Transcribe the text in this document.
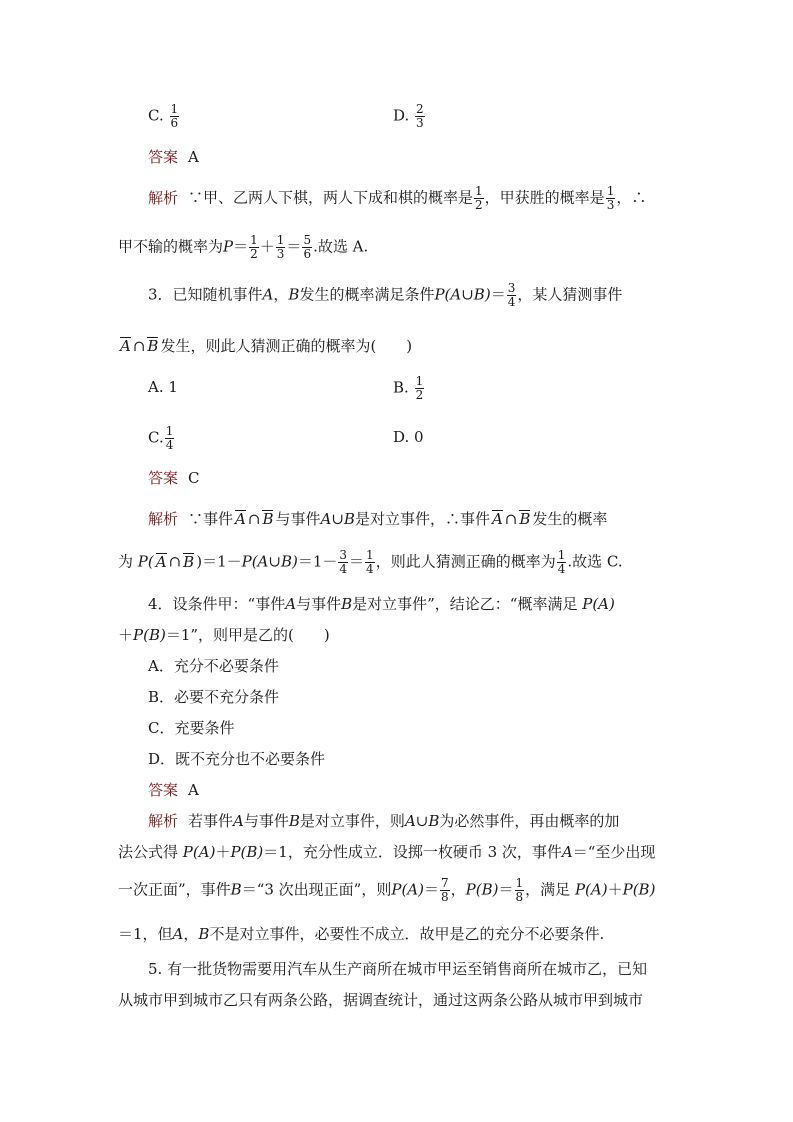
C. $\frac{1}{6}$	D. $\frac{2}{3}$
答案 A
解析 ∵甲、乙两人下棋，两人下成和棋的概率是 $\frac{1}{2}$ ，甲获胜的概率是 $\frac{1}{3}$ ，∴
甲不输的概率为$P= \frac{1}{2} + \frac{1}{3} = \frac{5}{6}$ .故选 A.
3．已知随机事件A，B发生的概率满足条件P(A∪B)＝ $\frac{3}{4}$ ，某人猜测事件
A ∩ B 发生，则此人猜测正确的概率为(　　)
A. 1	B. $\frac{1}{2}$
C. $\frac{1}{4}$	D. 0
答案 C
解析 ∵事件 A ∩ B 与事件A∪B是对立事件，∴事件 A ∩ B 发生的概率
为 P( A ∩ B )＝1－P(A∪B)＝1－ $\frac{3}{4} = \frac{1}{4}$ ，则此人猜测正确的概率为 $\frac{1}{4}$ .故选 C.
4．设条件甲：“事件A与事件B是对立事件”，结论乙：“概率满足 P(A)
＋P(B)＝1”，则甲是乙的(　　)
A．充分不必要条件
B．必要不充分条件
C．充要条件
D．既不充分也不必要条件
答案 A
解析 若事件A与事件B是对立事件，则A∪B为必然事件，再由概率的加
法公式得 P(A)＋P(B)＝1，充分性成立．设掷一枚硬币 3 次，事件A＝“至少出现
一次正面”，事件B＝“3 次出现正面”，则$P(A)= \frac{7}{8}$ ，$P(B)= \frac{1}{8}$ ，满足 P(A)＋P(B)
＝1，但A，B不是对立事件，必要性不成立．故甲是乙的充分不必要条件.
5. 有一批货物需要用汽车从生产商所在城市甲运至销售商所在城市乙，已知
从城市甲到城市乙只有两条公路，据调查统计，通过这两条公路从城市甲到城市
